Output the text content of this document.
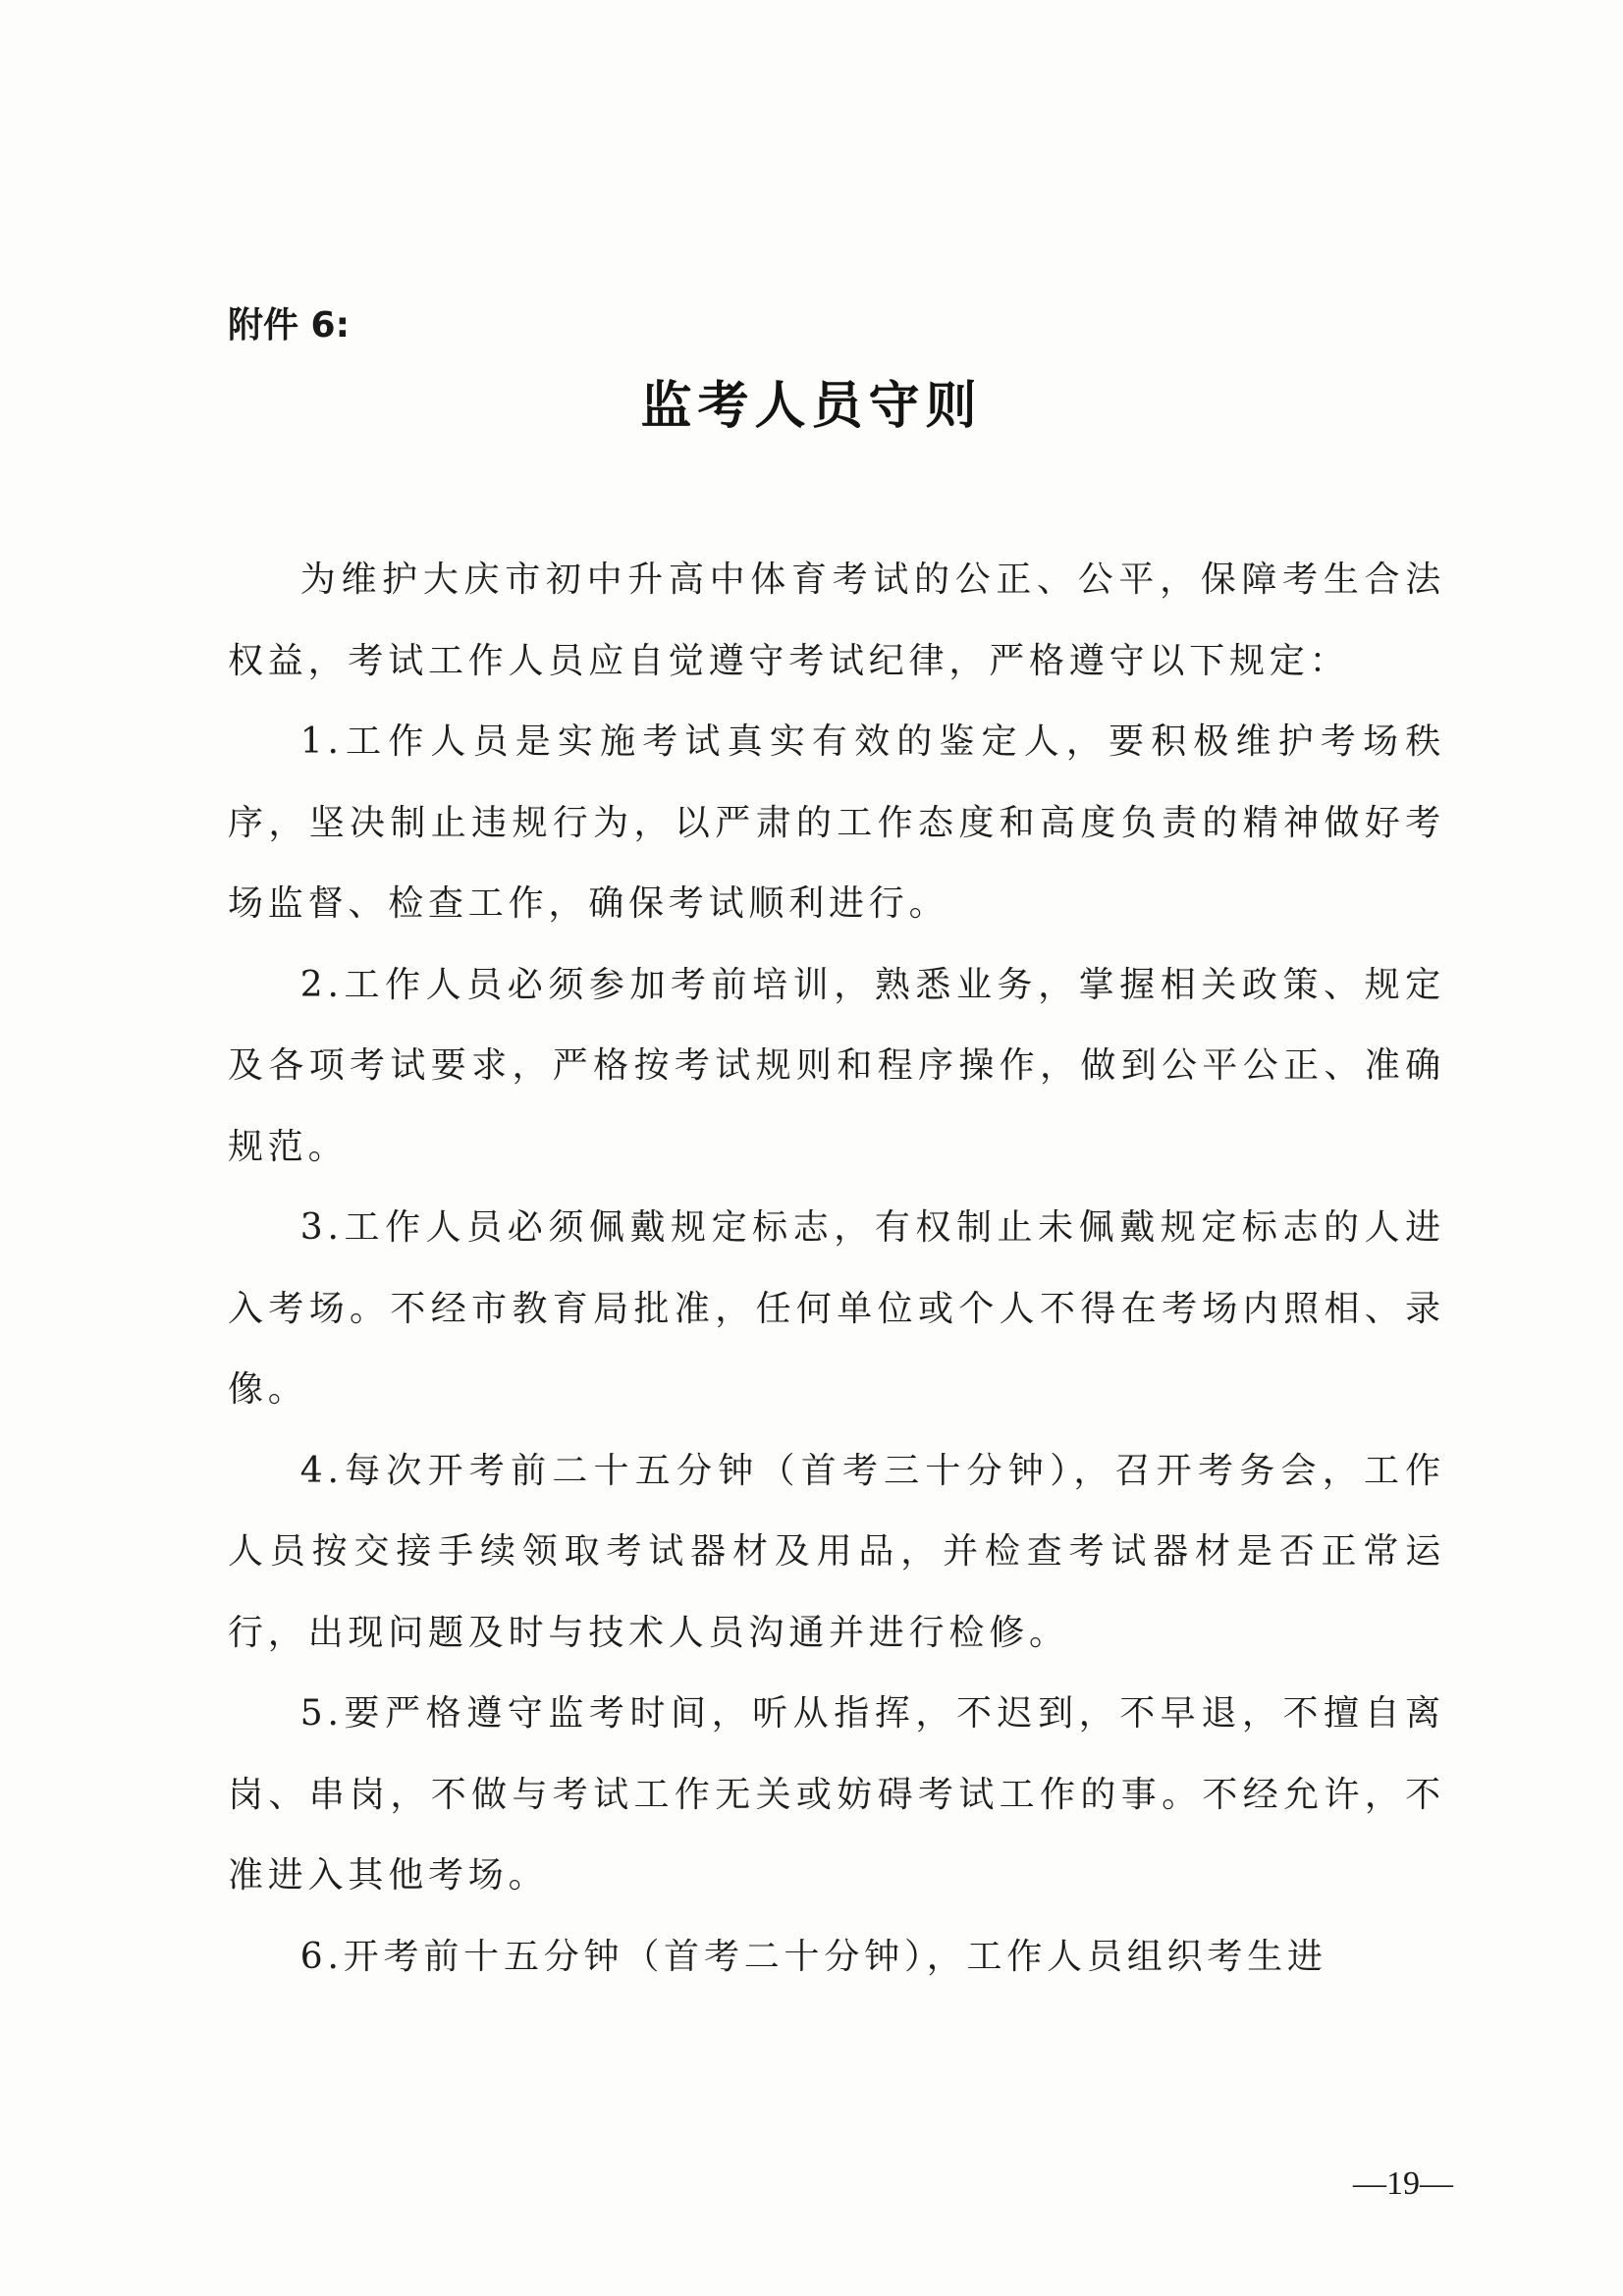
附件 6:

监考人员守则

为维护大庆市初中升高中体育考试的公正、公平，保障考生合法权益，考试工作人员应自觉遵守考试纪律，严格遵守以下规定：

1.工作人员是实施考试真实有效的鉴定人，要积极维护考场秩序，坚决制止违规行为，以严肃的工作态度和高度负责的精神做好考场监督、检查工作，确保考试顺利进行。

2.工作人员必须参加考前培训，熟悉业务，掌握相关政策、规定及各项考试要求，严格按考试规则和程序操作，做到公平公正、准确规范。

3.工作人员必须佩戴规定标志，有权制止未佩戴规定标志的人进入考场。不经市教育局批准，任何单位或个人不得在考场内照相、录像。

4.每次开考前二十五分钟（首考三十分钟），召开考务会，工作人员按交接手续领取考试器材及用品，并检查考试器材是否正常运行，出现问题及时与技术人员沟通并进行检修。

5.要严格遵守监考时间，听从指挥，不迟到，不早退，不擅自离岗、串岗，不做与考试工作无关或妨碍考试工作的事。不经允许，不准进入其他考场。

6.开考前十五分钟（首考二十分钟），工作人员组织考生进

—19—
